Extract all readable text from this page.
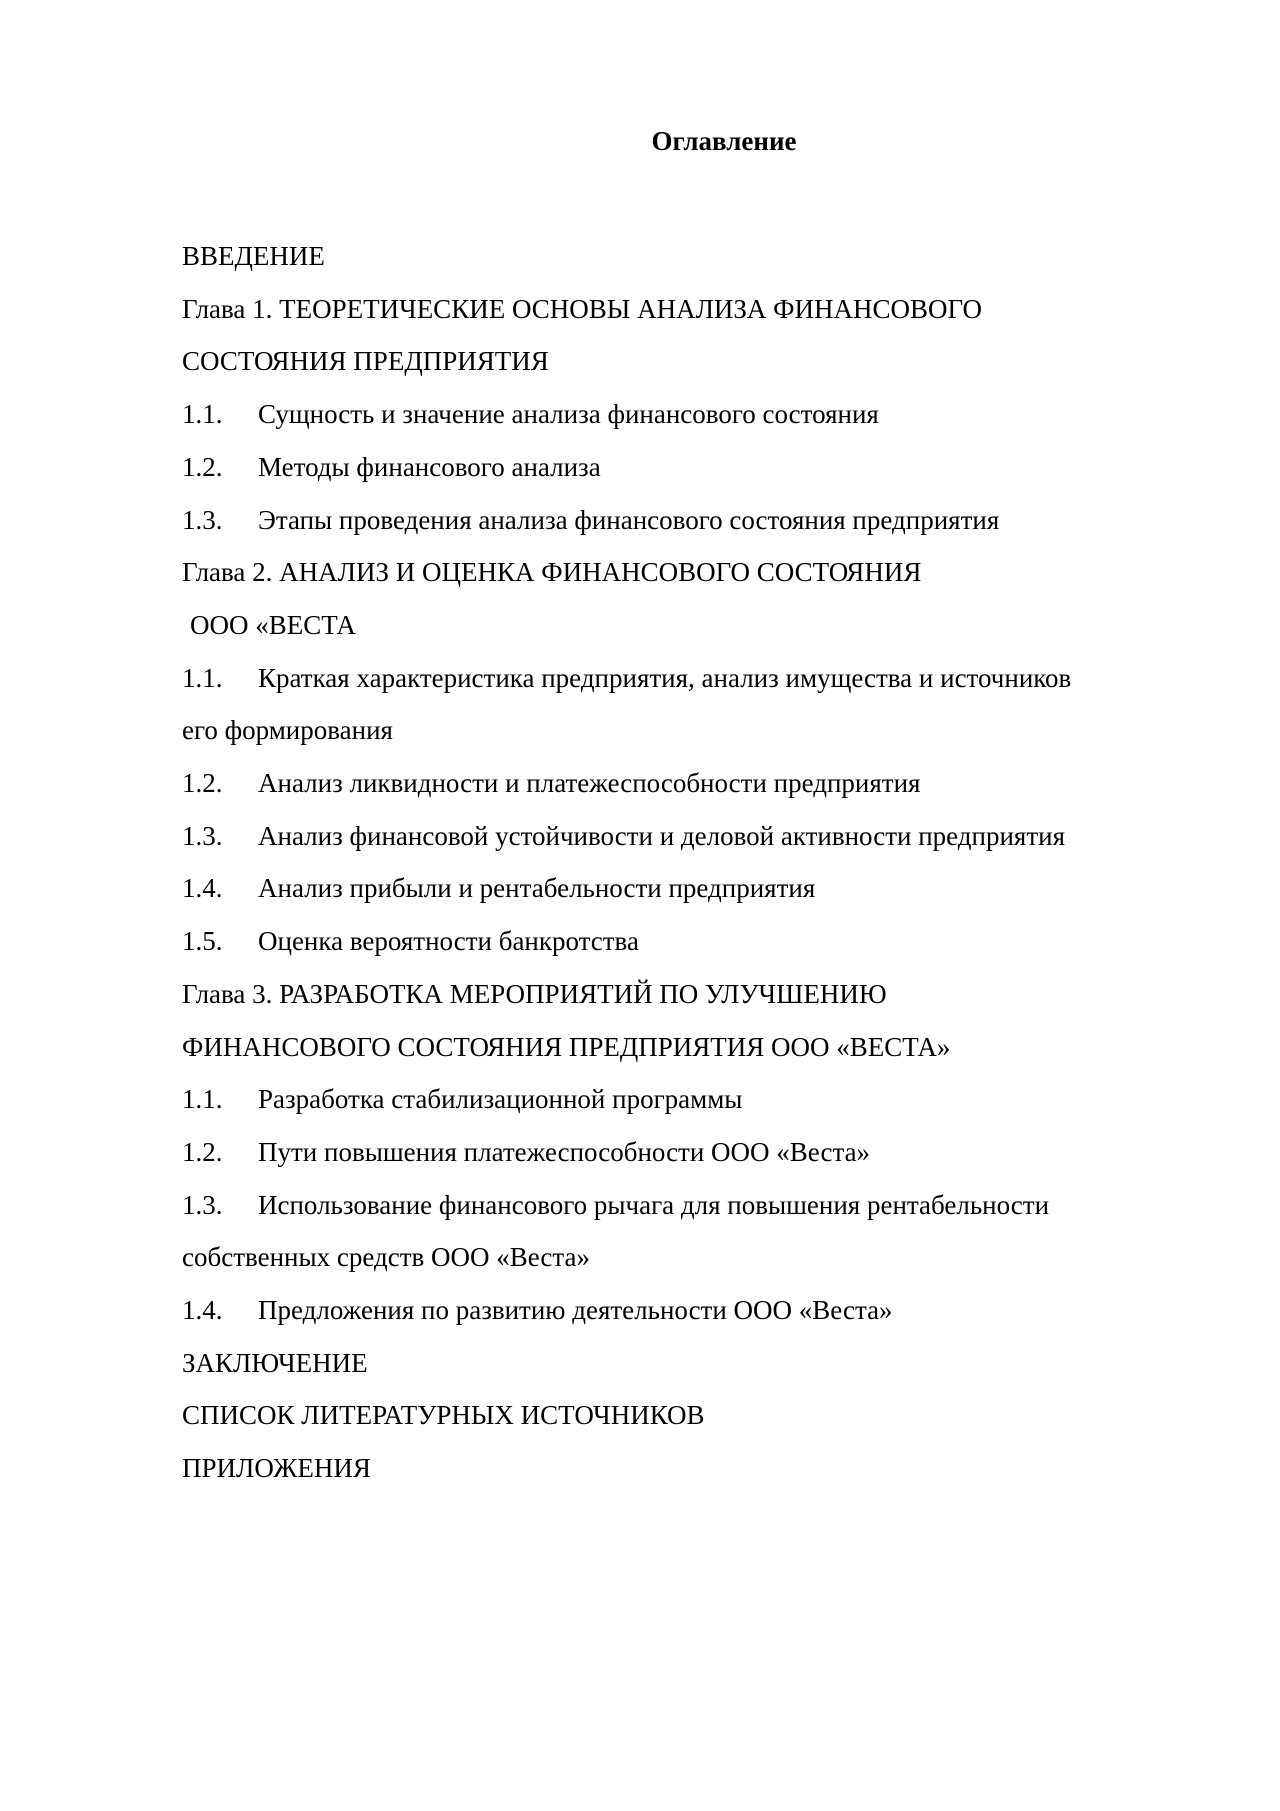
Оглавление
ВВЕДЕНИЕ
Глава 1. ТЕОРЕТИЧЕСКИЕ ОСНОВЫ АНАЛИЗА ФИНАНСОВОГО
СОСТОЯНИЯ ПРЕДПРИЯТИЯ
1.1. Сущность и значение анализа финансового состояния
1.2. Методы финансового анализа
1.3. Этапы проведения анализа финансового состояния предприятия
Глава 2. АНАЛИЗ И ОЦЕНКА ФИНАНСОВОГО СОСТОЯНИЯ
ООО «ВЕСТА
1.1. Краткая характеристика предприятия, анализ имущества и источников
его формирования
1.2. Анализ ликвидности и платежеспособности предприятия
1.3. Анализ финансовой устойчивости и деловой активности предприятия
1.4. Анализ прибыли и рентабельности предприятия
1.5. Оценка вероятности банкротства
Глава 3. РАЗРАБОТКА МЕРОПРИЯТИЙ ПО УЛУЧШЕНИЮ
ФИНАНСОВОГО СОСТОЯНИЯ ПРЕДПРИЯТИЯ ООО «ВЕСТА»
1.1. Разработка стабилизационной программы
1.2. Пути повышения платежеспособности ООО «Веста»
1.3. Использование финансового рычага для повышения рентабельности
собственных средств ООО «Веста»
1.4. Предложения по развитию деятельности ООО «Веста»
ЗАКЛЮЧЕНИЕ
СПИСОК ЛИТЕРАТУРНЫХ ИСТОЧНИКОВ
ПРИЛОЖЕНИЯ
